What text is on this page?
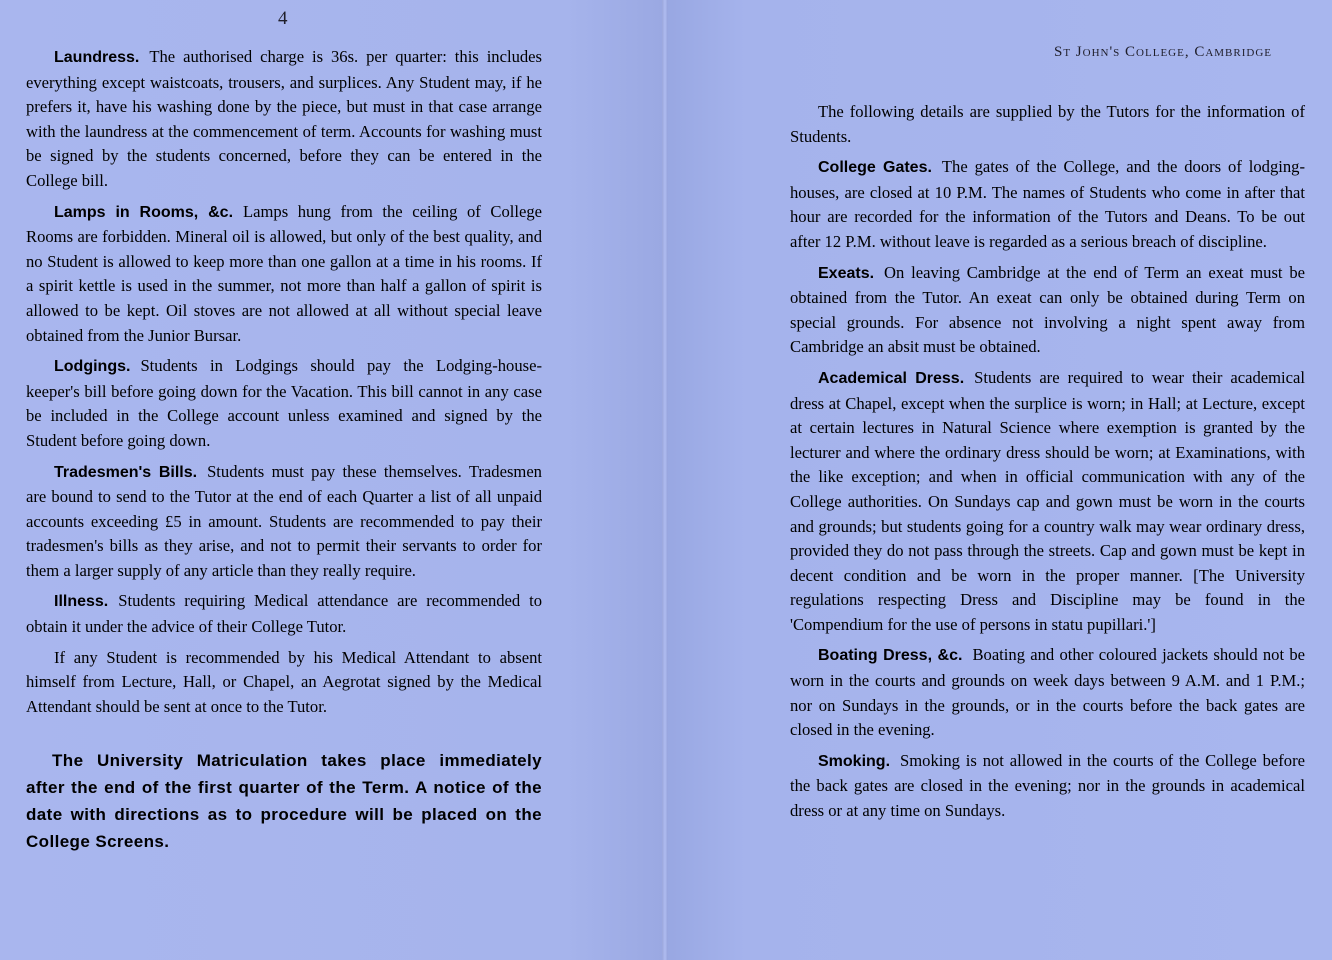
4
St John's College, Cambridge

Laundress. The authorised charge is 36s. per quarter: this includes everything except waistcoats, trousers, and surplices. Any Student may, if he prefers it, have his washing done by the piece, but must in that case arrange with the laundress at the commencement of term. Accounts for washing must be signed by the students concerned, before they can be entered in the College bill.

Lamps in Rooms, &c. Lamps hung from the ceiling of College Rooms are forbidden. Mineral oil is allowed, but only of the best quality, and no Student is allowed to keep more than one gallon at a time in his rooms. If a spirit kettle is used in the summer, not more than half a gallon of spirit is allowed to be kept. Oil stoves are not allowed at all without special leave obtained from the Junior Bursar.

Lodgings. Students in Lodgings should pay the Lodging-house-keeper's bill before going down for the Vacation. This bill cannot in any case be included in the College account unless examined and signed by the Student before going down.

Tradesmen's Bills. Students must pay these themselves. Tradesmen are bound to send to the Tutor at the end of each Quarter a list of all unpaid accounts exceeding £5 in amount. Students are recommended to pay their tradesmen's bills as they arise, and not to permit their servants to order for them a larger supply of any article than they really require.

Illness. Students requiring Medical attendance are recommended to obtain it under the advice of their College Tutor.

If any Student is recommended by his Medical Attendant to absent himself from Lecture, Hall, or Chapel, an Aegrotat signed by the Medical Attendant should be sent at once to the Tutor.

The University Matriculation takes place immediately after the end of the first quarter of the Term. A notice of the date with directions as to procedure will be placed on the College Screens.

The following details are supplied by the Tutors for the information of Students.

College Gates. The gates of the College, and the doors of lodging-houses, are closed at 10 P.M. The names of Students who come in after that hour are recorded for the information of the Tutors and Deans. To be out after 12 P.M. without leave is regarded as a serious breach of discipline.

Exeats. On leaving Cambridge at the end of Term an exeat must be obtained from the Tutor. An exeat can only be obtained during Term on special grounds. For absence not involving a night spent away from Cambridge an absit must be obtained.

Academical Dress. Students are required to wear their academical dress at Chapel, except when the surplice is worn; in Hall; at Lecture, except at certain lectures in Natural Science where exemption is granted by the lecturer and where the ordinary dress should be worn; at Examinations, with the like exception; and when in official communication with any of the College authorities. On Sundays cap and gown must be worn in the courts and grounds; but students going for a country walk may wear ordinary dress, provided they do not pass through the streets. Cap and gown must be kept in decent condition and be worn in the proper manner. [The University regulations respecting Dress and Discipline may be found in the 'Compendium for the use of persons in statu pupillari.']

Boating Dress, &c. Boating and other coloured jackets should not be worn in the courts and grounds on week days between 9 A.M. and 1 P.M.; nor on Sundays in the grounds, or in the courts before the back gates are closed in the evening.

Smoking. Smoking is not allowed in the courts of the College before the back gates are closed in the evening; nor in the grounds in academical dress or at any time on Sundays.
